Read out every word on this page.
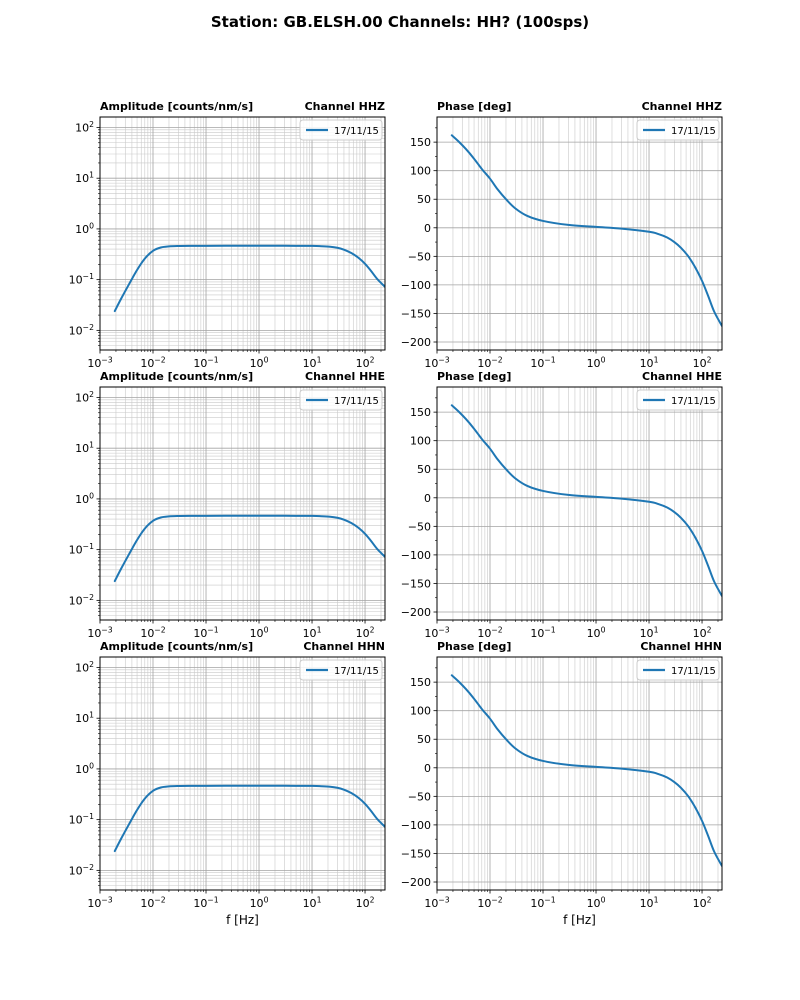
Station: GB.ELSH.00 Channels: HH? (100sps)
$10^{-3}$	$10^{-2}$	$10^{-1}$	$10^0$	$10^1$	$10^2$
$10^{-2}$
$10^{-1}$
$10^0$
$10^1$
$10^2$
Amplitude [counts/nm/s]	Channel HHZ
17/11/15
$10^{-3}$	$10^{-2}$	$10^{-1}$	$10^0$	$10^1$	$10^2$
−200
−150
−100
−50
0
50
100
150
Phase [deg]	Channel HHZ
17/11/15
$10^{-3}$	$10^{-2}$	$10^{-1}$	$10^0$	$10^1$	$10^2$
$10^{-2}$
$10^{-1}$
$10^0$
$10^1$
$10^2$
Amplitude [counts/nm/s]	Channel HHE
17/11/15
$10^{-3}$	$10^{-2}$	$10^{-1}$	$10^0$	$10^1$	$10^2$
−200
−150
−100
−50
0
50
100
150
Phase [deg]	Channel HHE
17/11/15
$10^{-3}$	$10^{-2}$	$10^{-1}$	$10^0$	$10^1$	$10^2$
$10^{-2}$
$10^{-1}$
$10^0$
$10^1$
$10^2$
Amplitude [counts/nm/s]	Channel HHN
17/11/15
f [Hz]
$10^{-3}$	$10^{-2}$	$10^{-1}$	$10^0$	$10^1$	$10^2$
−200
−150
−100
−50
0
50
100
150
Phase [deg]	Channel HHN
17/11/15
f [Hz]
